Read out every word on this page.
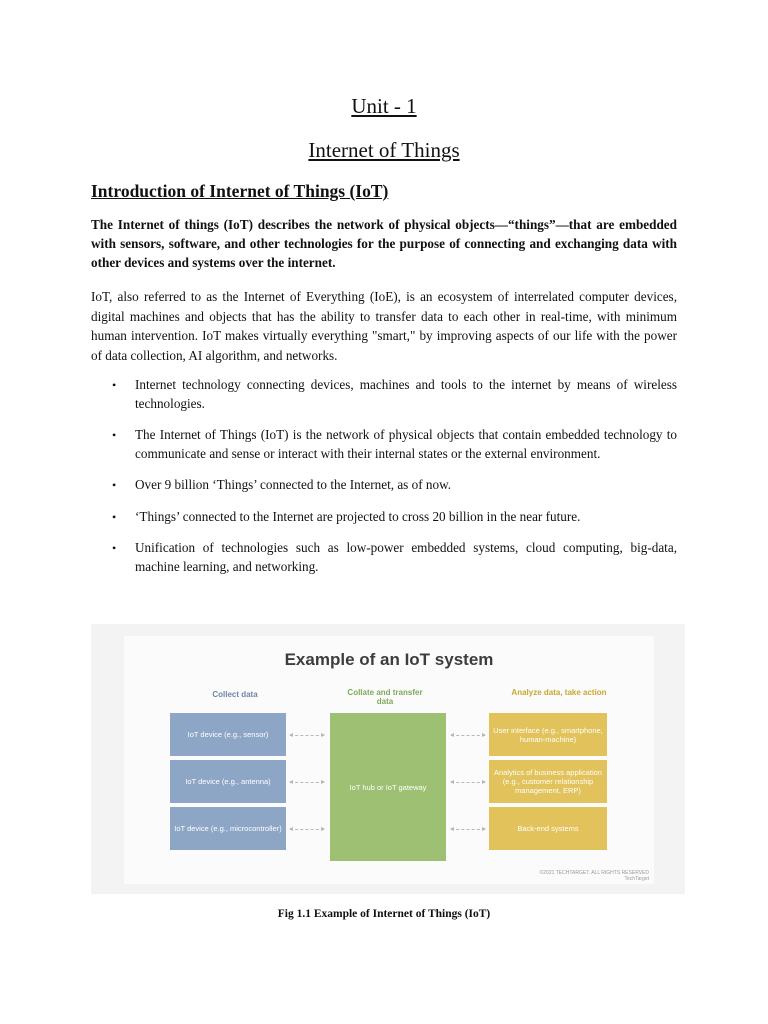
Unit - 1
Internet of Things
Introduction of Internet of Things (IoT)

The Internet of things (IoT) describes the network of physical objects—“things”—that are embedded with sensors, software, and other technologies for the purpose of connecting and exchanging data with other devices and systems over the internet.

IoT, also referred to as the Internet of Everything (IoE), is an ecosystem of interrelated computer devices, digital machines and objects that has the ability to transfer data to each other in real-time, with minimum human intervention. IoT makes virtually everything "smart," by improving aspects of our life with the power of data collection, AI algorithm, and networks.

• Internet technology connecting devices, machines and tools to the internet by means of wireless technologies.
• The Internet of Things (IoT) is the network of physical objects that contain embedded technology to communicate and sense or interact with their internal states or the external environment.
• Over 9 billion ‘Things’ connected to the Internet, as of now.
• ‘Things’ connected to the Internet are projected to cross 20 billion in the near future.
• Unification of technologies such as low-power embedded systems, cloud computing, big-data, machine learning, and networking.
Example of an IoT system
Collect data	Collate and transfer data
Analyze data, take action
IoT device (e.g., sensor)
IoT device (e.g., antenna)
IoT device (e.g., microcontroller)
IoT hub or IoT gateway
User interface (e.g., smartphone, human-machine)
Analytics of business application (e.g., customer relationship management, ERP)
Back-end systems
©2021 TECHTARGET. ALL RIGHTS RESERVED TechTarget

Fig 1.1 Example of Internet of Things (IoT)
